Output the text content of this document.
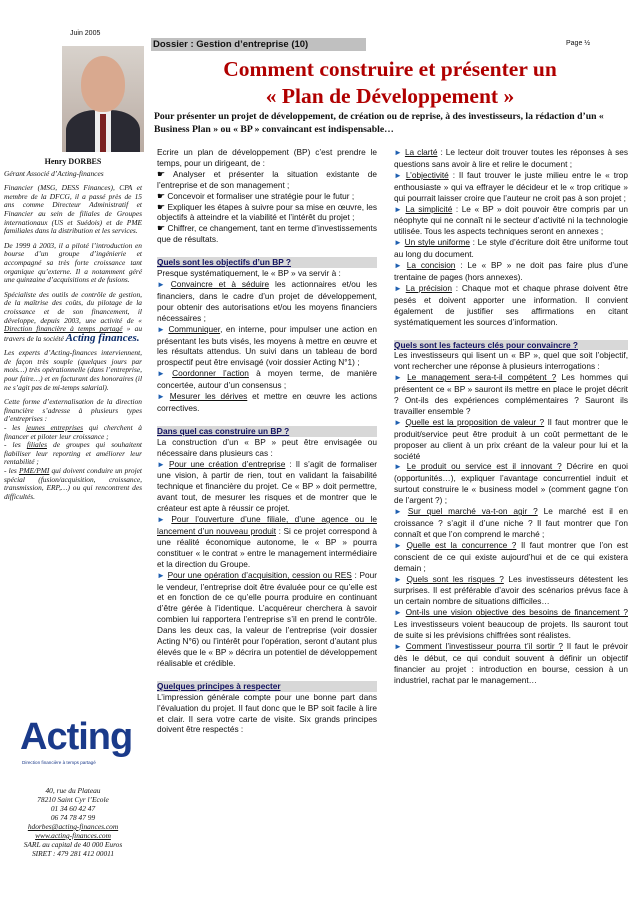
Juin 2005
Dossier : Gestion d’entreprise (10)	Page ½
Comment construire et présenter un
« Plan de Développement »
Pour présenter un projet de développement, de création ou de reprise, à des investisseurs, la rédaction d’un « Business Plan » ou « BP » convaincant est indispensable…

Henry DORBES

Gérant Associé d’Acting-finances

Financier (MSG, DESS Finances), CPA et membre de la DFCG, il a passé près de 15 ans comme Directeur Administratif et Financier au sein de filiales de Groupes internationaux (US et Suédois) et de PME familiales dans la distribution et les services.

De 1999 à 2003, il a piloté l’introduction en bourse d’un groupe d’ingénierie et accompagné sa très forte croissance tant organique qu’externe. Il a notamment géré une quinzaine d’acquisitions et de fusions.

Spécialiste des outils de contrôle de gestion, de la maîtrise des coûts, du pilotage de la croissance et de son financement, il développe, depuis 2003, une activité de « Direction financière à temps partagé » au travers de la société Acting finances.

Les experts d’Acting-finances interviennent, de façon très souple (quelques jours par mois…) très opérationnelle (dans l’entreprise, pour faire…) et en facturant des honoraires (il ne s’agit pas de mi-temps salarial).

Cette forme d’externalisation de la direction financière s’adresse à plusieurs types d’entreprises :

- les jeunes entreprises qui cherchent à financer et piloter leur croissance ;

- les filiales de groupes qui souhaitent fiabiliser leur reporting et améliorer leur rentabilité ;

- les PME/PMI qui doivent conduire un projet spécial (fusion/acquisition, croissance, transmission, ERP,…) ou qui rencontrent des difficultés.

Acting
Direction financière à temps partagé
40, rue du Plateau
78210 Saint Cyr l’Ecole
01 34 60 42 47
06 74 78 47 99
hdorbes@acting-finances.com
www.acting-finances.com
SARL au capital de 40 000 Euros
SIRET : 479 281 412 00011

Ecrire un plan de développement (BP) c’est prendre le temps, pour un dirigeant, de :

☛ Analyser et présenter la situation existante de l’entreprise et de son management ;

☛ Concevoir et formaliser une stratégie pour le futur ;

☛ Expliquer les étapes à suivre pour sa mise en œuvre, les objectifs à atteindre et la viabilité et l’intérêt du projet ;

☛ Chiffrer, ce changement, tant en terme d’investissements que de résultats.

Quels sont les objectifs d’un BP ?

Presque systématiquement, le « BP » va servir à :

► Convaincre et à séduire les actionnaires et/ou les financiers, dans le cadre d’un projet de développement, pour obtenir des autorisations et/ou les moyens financiers nécessaires ;

► Communiquer, en interne, pour impulser une action en présentant les buts visés, les moyens à mettre en œuvre et les résultats attendus. Un suivi dans un tableau de bord prospectif peut être envisagé (voir dossier Acting N°1) ;

► Coordonner l’action à moyen terme, de manière concertée, autour d’un consensus ;

► Mesurer les dérives et mettre en œuvre les actions correctives.

Dans quel cas construire un BP ?

La construction d’un « BP » peut être envisagée ou nécessaire dans plusieurs cas :

► Pour une création d’entreprise : Il s’agit de formaliser une vision, à partir de rien, tout en validant la faisabilité technique et financière du projet. Ce « BP » doit permettre, avant tout, de mesurer les risques et de montrer que le créateur est apte à réussir ce projet.

► Pour l’ouverture d’une filiale, d’une agence ou le lancement d’un nouveau produit : Si ce projet correspond à une réalité économique autonome, le « BP » pourra constituer « le contrat » entre le management intermédiaire et la direction du Groupe.

► Pour une opération d’acquisition, cession ou RES : Pour le vendeur, l’entreprise doit être évaluée pour ce qu’elle est et en fonction de ce qu’elle pourra produire en continuant d’être gérée à l’identique. L’acquéreur cherchera à savoir combien lui rapportera l’entreprise s’il en prend le contrôle. Dans les deux cas, la valeur de l’entreprise (voir dossier Acting N°6) ou l’intérêt pour l’opération, seront d’autant plus élevés que le « BP » décrira un potentiel de développement réalisable et crédible.

Quelques principes à respecter

L’impression générale compte pour une bonne part dans l’évaluation du projet. Il faut donc que le BP soit facile à lire et clair. Il sera votre carte de visite. Six grands principes doivent être respectés :

► La clarté : Le lecteur doit trouver toutes les réponses à ses questions sans avoir à lire et relire le document ;

► L’objectivité : Il faut trouver le juste milieu entre le « trop enthousiaste » qui va effrayer le décideur et le « trop critique » qui pourrait laisser croire que l’auteur ne croit pas à son projet ;

► La simplicité : Le « BP » doit pouvoir être compris par un néophyte qui ne connaît ni le secteur d’activité ni la technologie utilisée. Tous les aspects techniques seront en annexes ;

► Un style uniforme : Le style d’écriture doit être uniforme tout au long du document.

► La concision : Le « BP » ne doit pas faire plus d’une trentaine de pages (hors annexes).

► La précision : Chaque mot et chaque phrase doivent être pesés et doivent apporter une information. Il convient également de justifier ses affirmations en citant systématiquement les sources d’information.

Quels sont les facteurs clés pour convaincre ?

Les investisseurs qui lisent un « BP », quel que soit l’objectif, vont rechercher une réponse à plusieurs interrogations :

► Le management sera-t-il compétent ? Les hommes qui présentent ce « BP » sauront ils mettre en place le projet décrit ? Ont-ils des expériences complémentaires ? Sauront ils travailler ensemble ?

► Quelle est la proposition de valeur ? Il faut montrer que le produit/service peut être produit à un coût permettant de le proposer au client à un prix créant de la valeur pour lui et la société

► Le produit ou service est il innovant ? Décrire en quoi (opportunités…), expliquer l’avantage concurrentiel induit et surtout construire le « business model » (comment gagne t’on de l’argent ?) ;

► Sur quel marché va-t-on agir ? Le marché est il en croissance ? s’agit il d’une niche ? Il faut montrer que l’on connaît et que l’on comprend le marché ;

► Quelle est la concurrence ? Il faut montrer que l’on est conscient de ce qui existe aujourd’hui et de ce qui existera demain ;

► Quels sont les risques ? Les investisseurs détestent les surprises. Il est préférable d’avoir des scénarios prévus face à un certain nombre de situations difficiles…

► Ont-ils une vision objective des besoins de financement ? Les investisseurs voient beaucoup de projets. Ils sauront tout de suite si les prévisions chiffrées sont réalistes.

► Comment l’investisseur pourra t’il sortir ? Il faut le prévoir dès le début, ce qui conduit souvent à définir un objectif financier au projet : introduction en bourse, cession à un industriel, rachat par le management…
